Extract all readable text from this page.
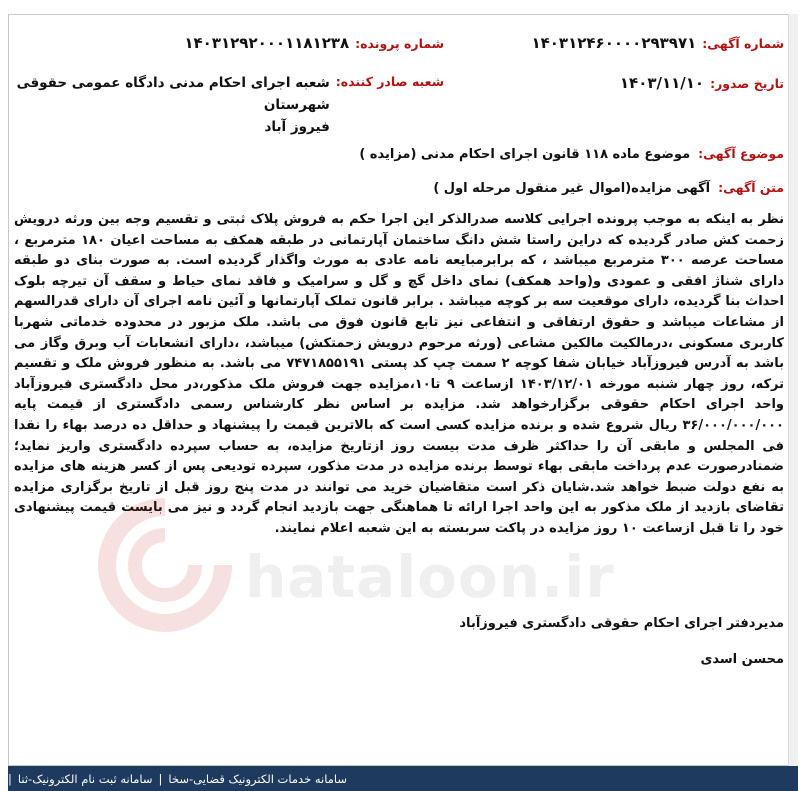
شماره آگهی:
۱۴۰۳۱۲۴۶۰۰۰۰۲۹۳۹۷۱
شماره پرونده:
۱۴۰۳۱۲۹۲۰۰۰۱۱۸۱۲۳۸
تاریخ صدور:
۱۴۰۳/۱۱/۱۰
شعبه صادر کننده:
شعبه اجرای احکام مدنی دادگاه عمومی حقوقی شهرستان
فیروز آباد
موضوع آگهی:
موضوع ماده ۱۱۸ قانون اجرای احکام مدنی (مزایده )
متن آگهی:
آگهی مزایده(اموال غیر منقول مرحله اول )
نظر به اینکه به موجب پرونده اجرایی کلاسه صدرالذکر این اجرا حکم به فروش پلاک ثبتی و تقسیم وجه بین ورثه درویش زحمت کش صادر گردیده که دراین راستا شش دانگ ساختمان آپارتمانی در طبقه همکف به مساحت اعیان ۱۸۰ مترمربع ، مساحت عرصه ۳۰۰ مترمربع میباشد ، که برابرمبایعه نامه عادی به مورث واگذار گردیده است. به صورت بنای دو طبقه دارای شناژ افقی و عمودی و(واحد همکف) نمای داخل گچ و گل و سرامیک و فاقد نمای حیاط و سقف آن تیرچه بلوک احداث بنا گردیده، دارای موقعیت سه بر کوچه میباشد . برابر قانون تملک آپارتمانها و آئین نامه اجرای آن دارای قدرالسهم از مشاعات میباشد و حقوق ارتفاقی و انتفاعی نیز تابع قانون فوق می باشد. ملک مزبور در محدوده خدماتی شهربا کاربری مسکونی ،درمالکیت مالکین مشاعی (ورثه مرحوم درویش زحمتکش) میباشد، ،دارای انشعابات آب وبرق وگاز می باشد به آدرس فیروزآباد خیابان شفا کوچه ۲ سمت چپ کد پستی ۷۴۷۱۸۵۵۱۹۱ می باشد. به منظور فروش ملک و تقسیم ترکه، روز چهار شنبه مورخه ۱۴۰۳/۱۲/۰۱ ازساعت ۹ تا۱۰،مزایده جهت فروش ملک مذکور،در محل دادگستری فیروزآباد واحد اجرای احکام حقوقی برگزارخواهد شد. مزایده بر اساس نظر کارشناس رسمی دادگستری از قیمت پایه ۳۶/۰۰۰/۰۰۰/۰۰۰ ریال شروع شده و برنده مزایده کسی است که بالاترین قیمت را پیشنهاد و حداقل ده درصد بهاء را نقدا فی المجلس و مابقی آن را حداکثر ظرف مدت بیست روز ازتاریخ مزایده، به حساب سپرده دادگستری واریز نماید؛ ضمنادرصورت عدم پرداخت مابقی بهاء توسط برنده مزایده در مدت مذکور، سپرده تودیعی پس از کسر هزینه های مزایده به نفع دولت ضبط خواهد شد.شایان ذکر است متقاضیان خرید می توانند در مدت پنج روز قبل از تاریخ برگزاری مزایده تقاضای بازدید از ملک مذکور به این واحد اجرا ارائه تا هماهنگی جهت بازدید انجام گردد و نیز می بایست قیمت پیشنهادی خود را تا قبل ازساعت ۱۰ روز مزایده در پاکت سربسته به این شعبه اعلام نمایند.
مدیردفتر اجرای احکام حقوقی دادگستری فیروزآباد
محسن اسدی
سامانه خدمات الکترونیک قضایی-سخا
|
سامانه ثبت نام الکترونیک-ثنا
|
